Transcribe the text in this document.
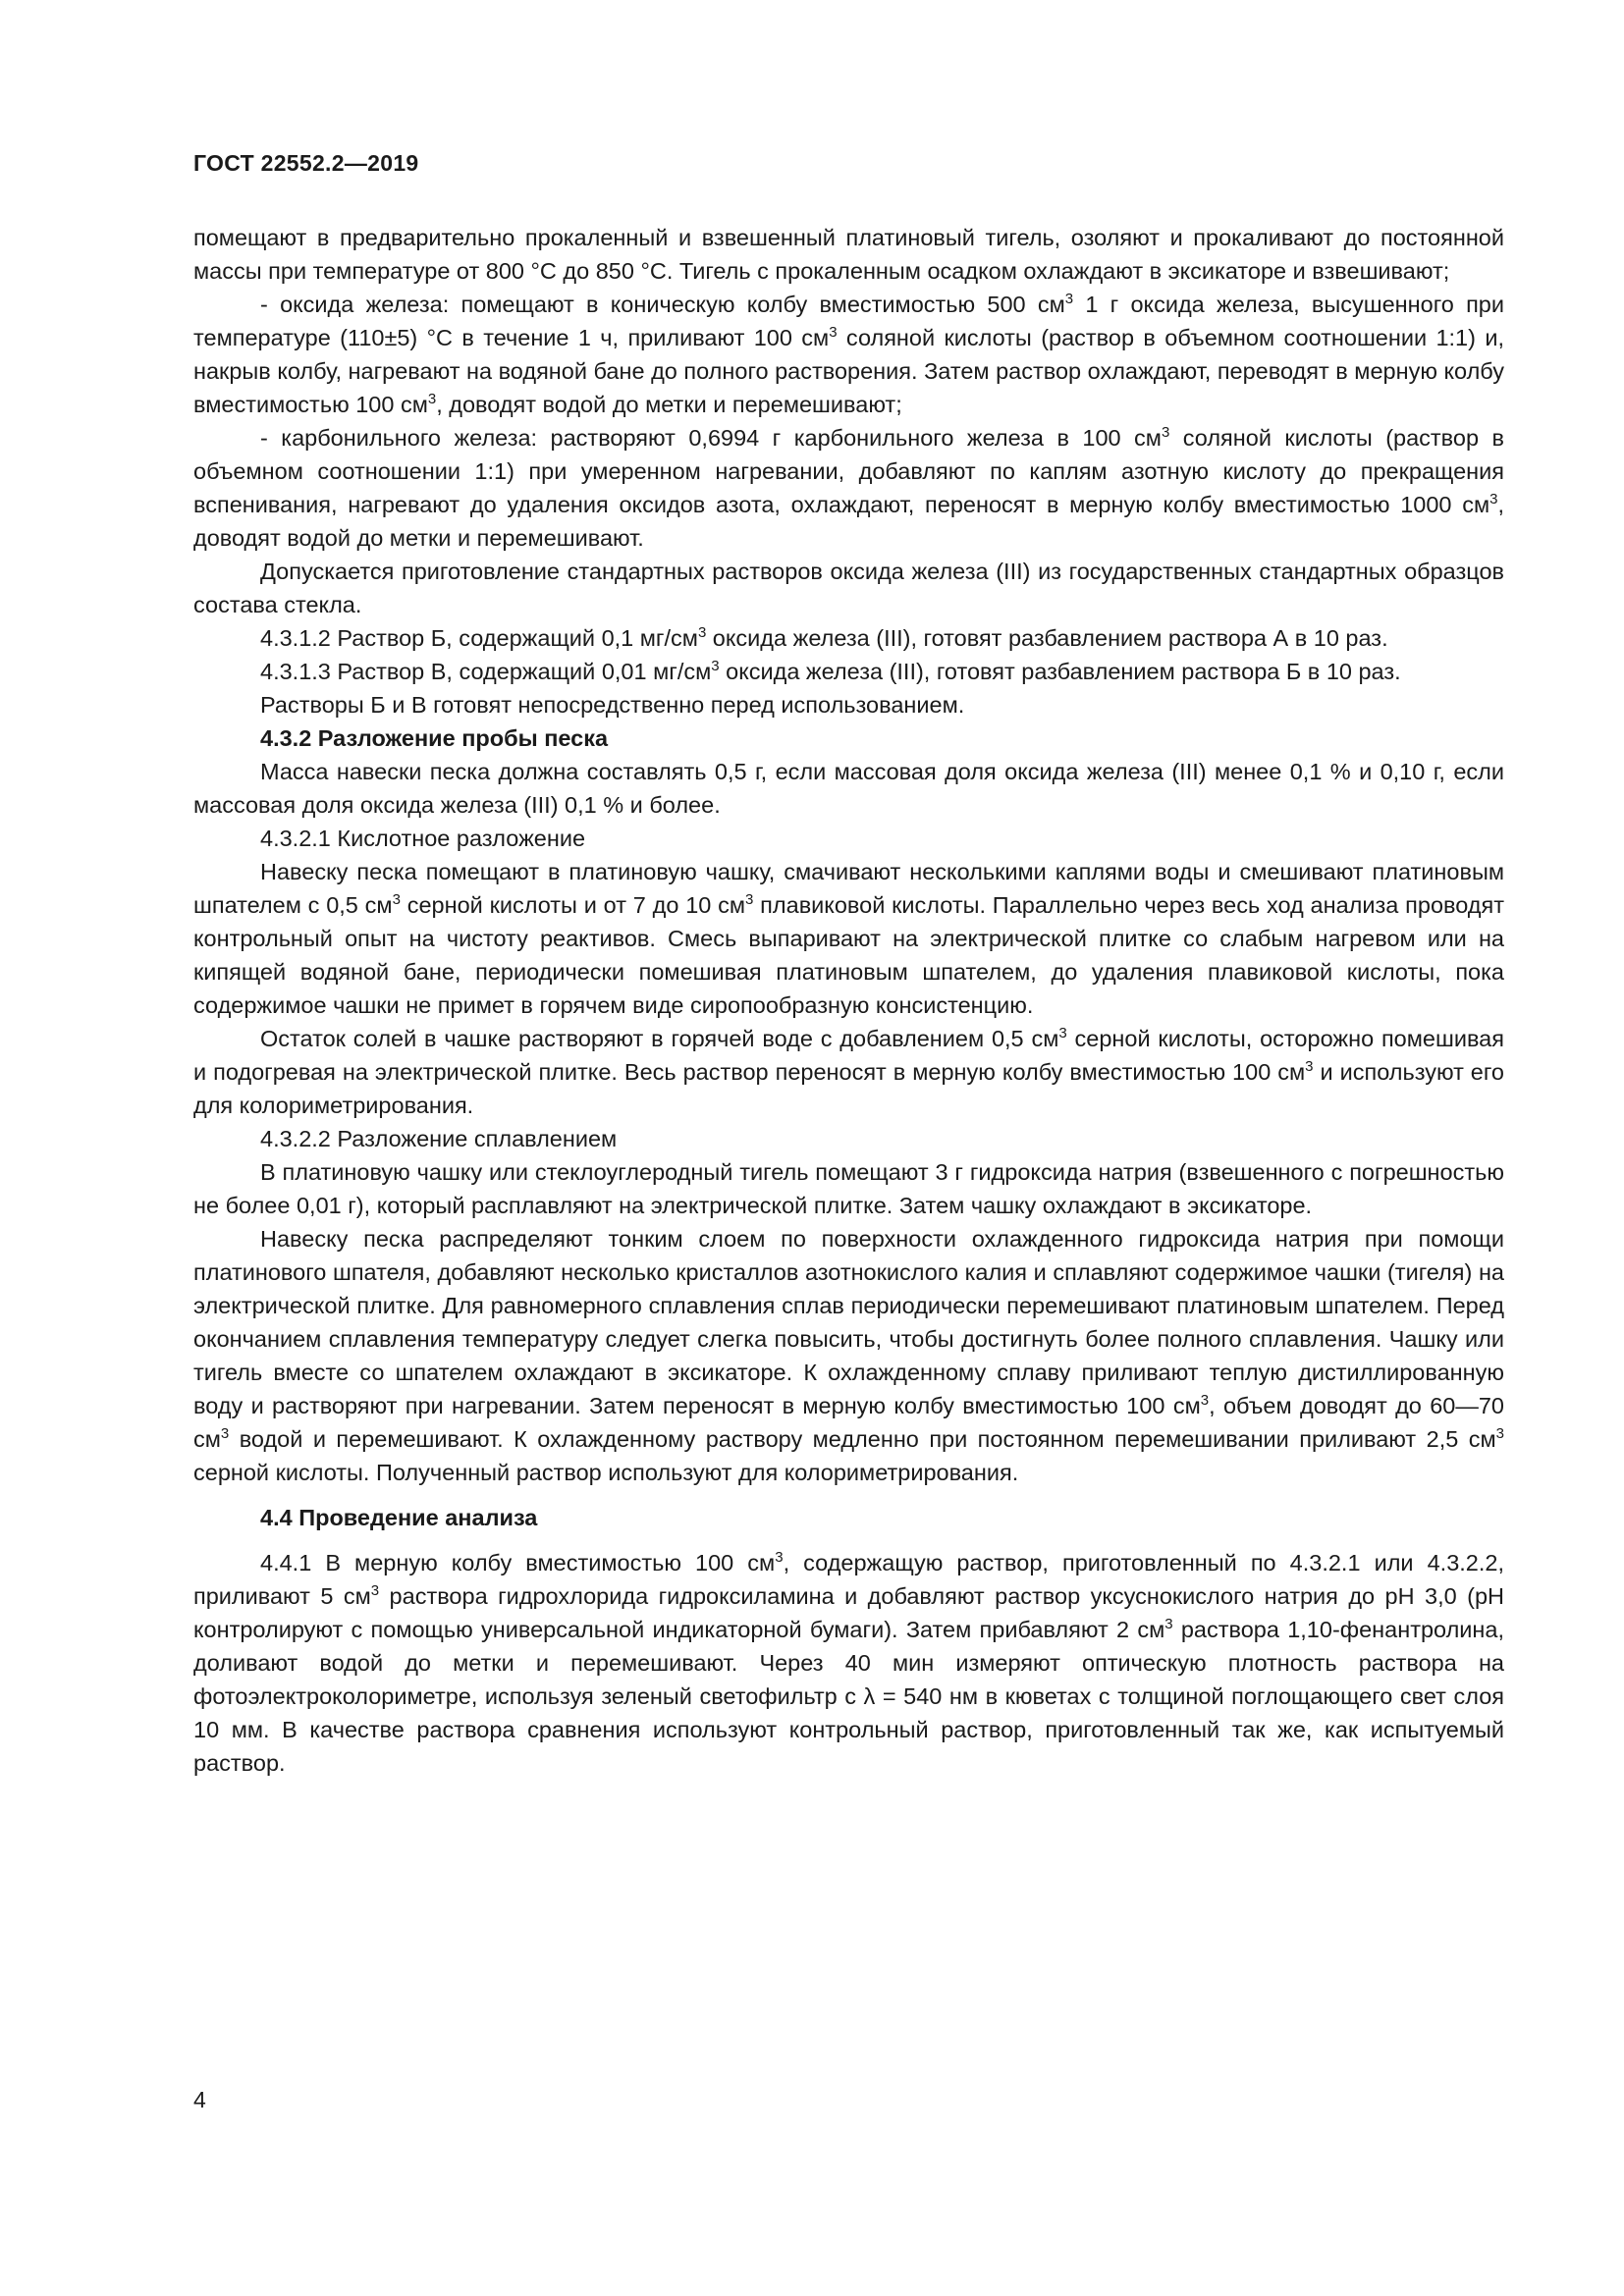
ГОСТ 22552.2—2019

помещают в предварительно прокаленный и взвешенный платиновый тигель, озоляют и прокаливают до постоянной массы при температуре от 800 °С до 850 °С. Тигель с прокаленным осадком охлаждают в эксикаторе и взвешивают;

- оксида железа: помещают в коническую колбу вместимостью 500 $см^3$ 1 г оксида железа, высушенного при температуре (110±5) °С в течение 1 ч, приливают 100 $см^3$ соляной кислоты (раствор в объемном соотношении 1:1) и, накрыв колбу, нагревают на водяной бане до полного растворения. Затем раствор охлаждают, переводят в мерную колбу вместимостью 100 $см^3$, доводят водой до метки и перемешивают;

- карбонильного железа: растворяют 0,6994 г карбонильного железа в 100 $см^3$ соляной кислоты (раствор в объемном соотношении 1:1) при умеренном нагревании, добавляют по каплям азотную кислоту до прекращения вспенивания, нагревают до удаления оксидов азота, охлаждают, переносят в мерную колбу вместимостью 1000 $см^3$, доводят водой до метки и перемешивают.

Допускается приготовление стандартных растворов оксида железа (III) из государственных стандартных образцов состава стекла.

4.3.1.2 Раствор Б, содержащий 0,1 $мг/см^3$ оксида железа (III), готовят разбавлением раствора А в 10 раз.

4.3.1.3 Раствор В, содержащий 0,01 $мг/см^3$ оксида железа (III), готовят разбавлением раствора Б в 10 раз.

Растворы Б и В готовят непосредственно перед использованием.

4.3.2 Разложение пробы песка

Масса навески песка должна составлять 0,5 г, если массовая доля оксида железа (III) менее 0,1 % и 0,10 г, если массовая доля оксида железа (III) 0,1 % и более.

4.3.2.1 Кислотное разложение

Навеску песка помещают в платиновую чашку, смачивают несколькими каплями воды и смешивают платиновым шпателем с 0,5 $см^3$ серной кислоты и от 7 до 10 $см^3$ плавиковой кислоты. Параллельно через весь ход анализа проводят контрольный опыт на чистоту реактивов. Смесь выпаривают на электрической плитке со слабым нагревом или на кипящей водяной бане, периодически помешивая платиновым шпателем, до удаления плавиковой кислоты, пока содержимое чашки не примет в горячем виде сиропообразную консистенцию.

Остаток солей в чашке растворяют в горячей воде с добавлением 0,5 $см^3$ серной кислоты, осторожно помешивая и подогревая на электрической плитке. Весь раствор переносят в мерную колбу вместимостью 100 $см^3$ и используют его для колориметрирования.

4.3.2.2 Разложение сплавлением

В платиновую чашку или стеклоуглеродный тигель помещают 3 г гидроксида натрия (взвешенного с погрешностью не более 0,01 г), который расплавляют на электрической плитке. Затем чашку охлаждают в эксикаторе.

Навеску песка распределяют тонким слоем по поверхности охлажденного гидроксида натрия при помощи платинового шпателя, добавляют несколько кристаллов азотнокислого калия и сплавляют содержимое чашки (тигеля) на электрической плитке. Для равномерного сплавления сплав периодически перемешивают платиновым шпателем. Перед окончанием сплавления температуру следует слегка повысить, чтобы достигнуть более полного сплавления. Чашку или тигель вместе со шпателем охлаждают в эксикаторе. К охлажденному сплаву приливают теплую дистиллированную воду и растворяют при нагревании. Затем переносят в мерную колбу вместимостью 100 $см^3$, объем доводят до 60—70 $см^3$ водой и перемешивают. К охлажденному раствору медленно при постоянном перемешивании приливают 2,5 $см^3$ серной кислоты. Полученный раствор используют для колориметрирования.

4.4 Проведение анализа

4.4.1 В мерную колбу вместимостью 100 $см^3$, содержащую раствор, приготовленный по 4.3.2.1 или 4.3.2.2, приливают 5 $см^3$ раствора гидрохлорида гидроксиламина и добавляют раствор уксуснокислого натрия до рН 3,0 (рН контролируют с помощью универсальной индикаторной бумаги). Затем прибавляют 2 $см^3$ раствора 1,10-фенантролина, доливают водой до метки и перемешивают. Через 40 мин измеряют оптическую плотность раствора на фотоэлектроколориметре, используя зеленый светофильтр с λ = 540 нм в кюветах с толщиной поглощающего свет слоя 10 мм. В качестве раствора сравнения используют контрольный раствор, приготовленный так же, как испытуемый раствор.

4
